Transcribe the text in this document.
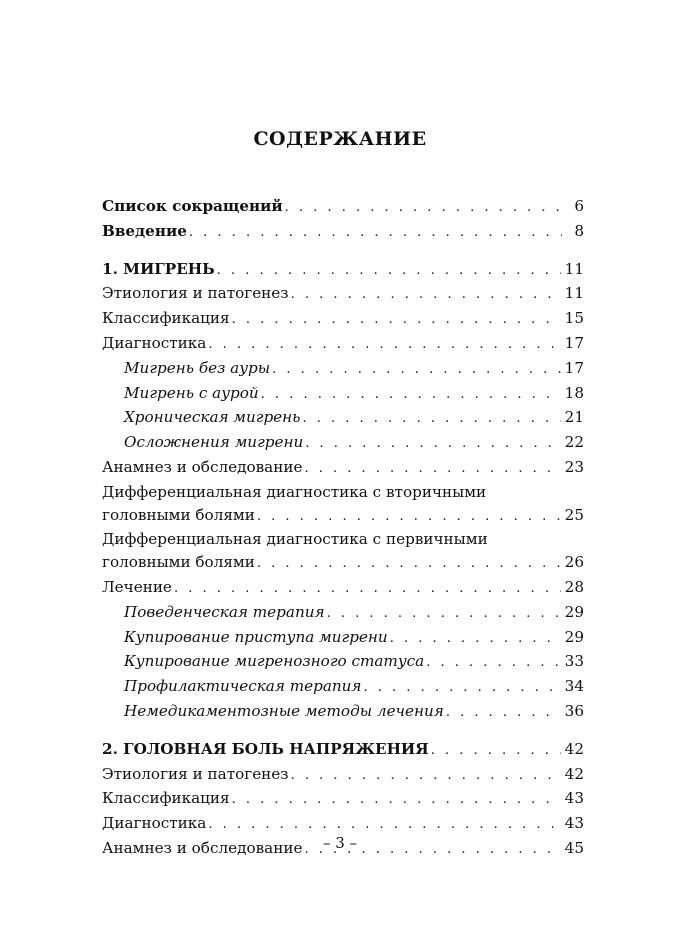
СОДЕРЖАНИЕ
Список сокращений . . .	6
Введение . . .	8
1. МИГРЕНЬ . . .	11
Этиология и патогенез . . .	11
Классификация . . .	15
Диагностика . . .	17
Мигрень без ауры . . .	17
Мигрень с аурой . . .	18
Хроническая мигрень . . .	21
Осложнения мигрени . . .	22
Анамнез и обследование . . .	23
Дифференциальная диагностика с вторичными
головными болями . . .	25
Дифференциальная диагностика с первичными
головными болями . . .	26
Лечение . . .	28
Поведенческая терапия . . .	29
Купирование приступа мигрени . . .	29
Купирование мигренозного статуса . . .	33
Профилактическая терапия . . .	34
Немедикаментозные методы лечения . . .	36
2. ГОЛОВНАЯ БОЛЬ НАПРЯЖЕНИЯ . . .	42
Этиология и патогенез . . .	42
Классификация . . .	43
Диагностика . . .	43
Анамнез и обследование . . .	45
– 3 –
